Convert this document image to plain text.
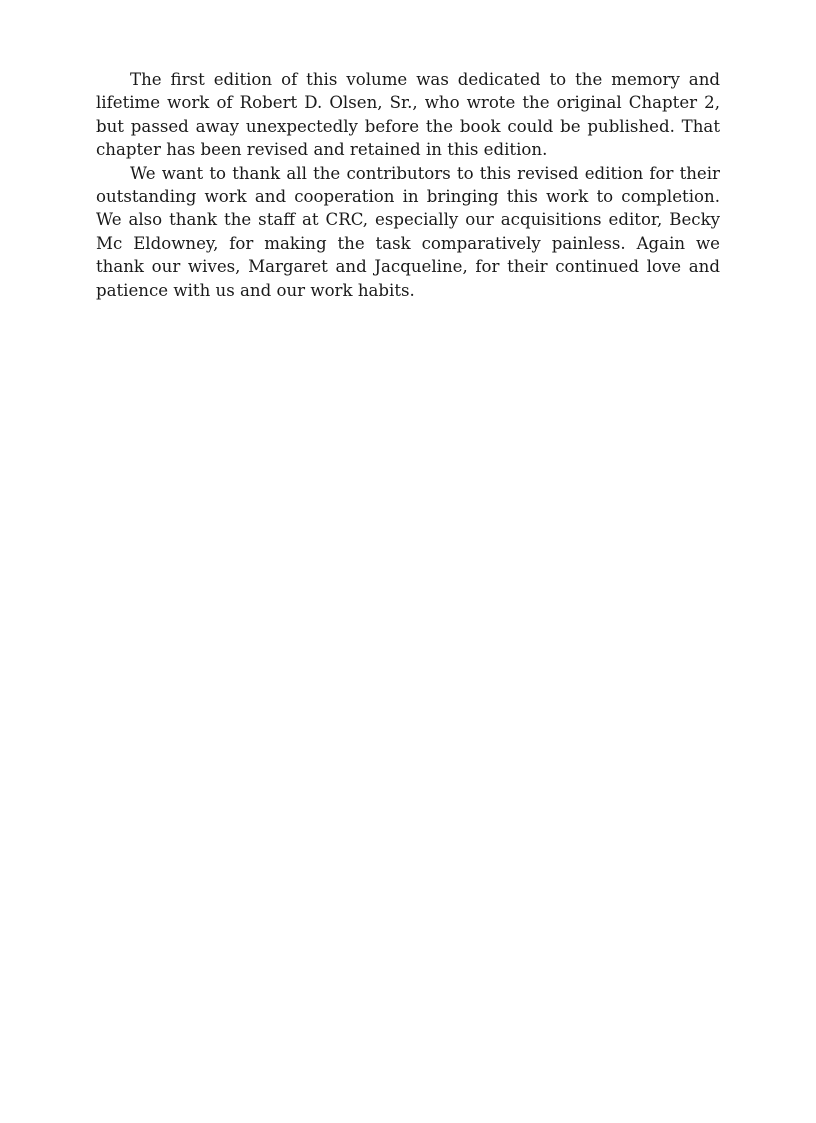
The first edition of this volume was dedicated to the memory and lifetime work of Robert D. Olsen, Sr., who wrote the original Chapter 2, but passed away unexpectedly before the book could be published. That chapter has been revised and retained in this edition.

We want to thank all the contributors to this revised edition for their outstanding work and cooperation in bringing this work to completion. We also thank the staff at CRC, especially our acquisitions editor, Becky Mc Eldowney, for making the task comparatively painless. Again we thank our wives, Margaret and Jacqueline, for their continued love and patience with us and our work habits.
